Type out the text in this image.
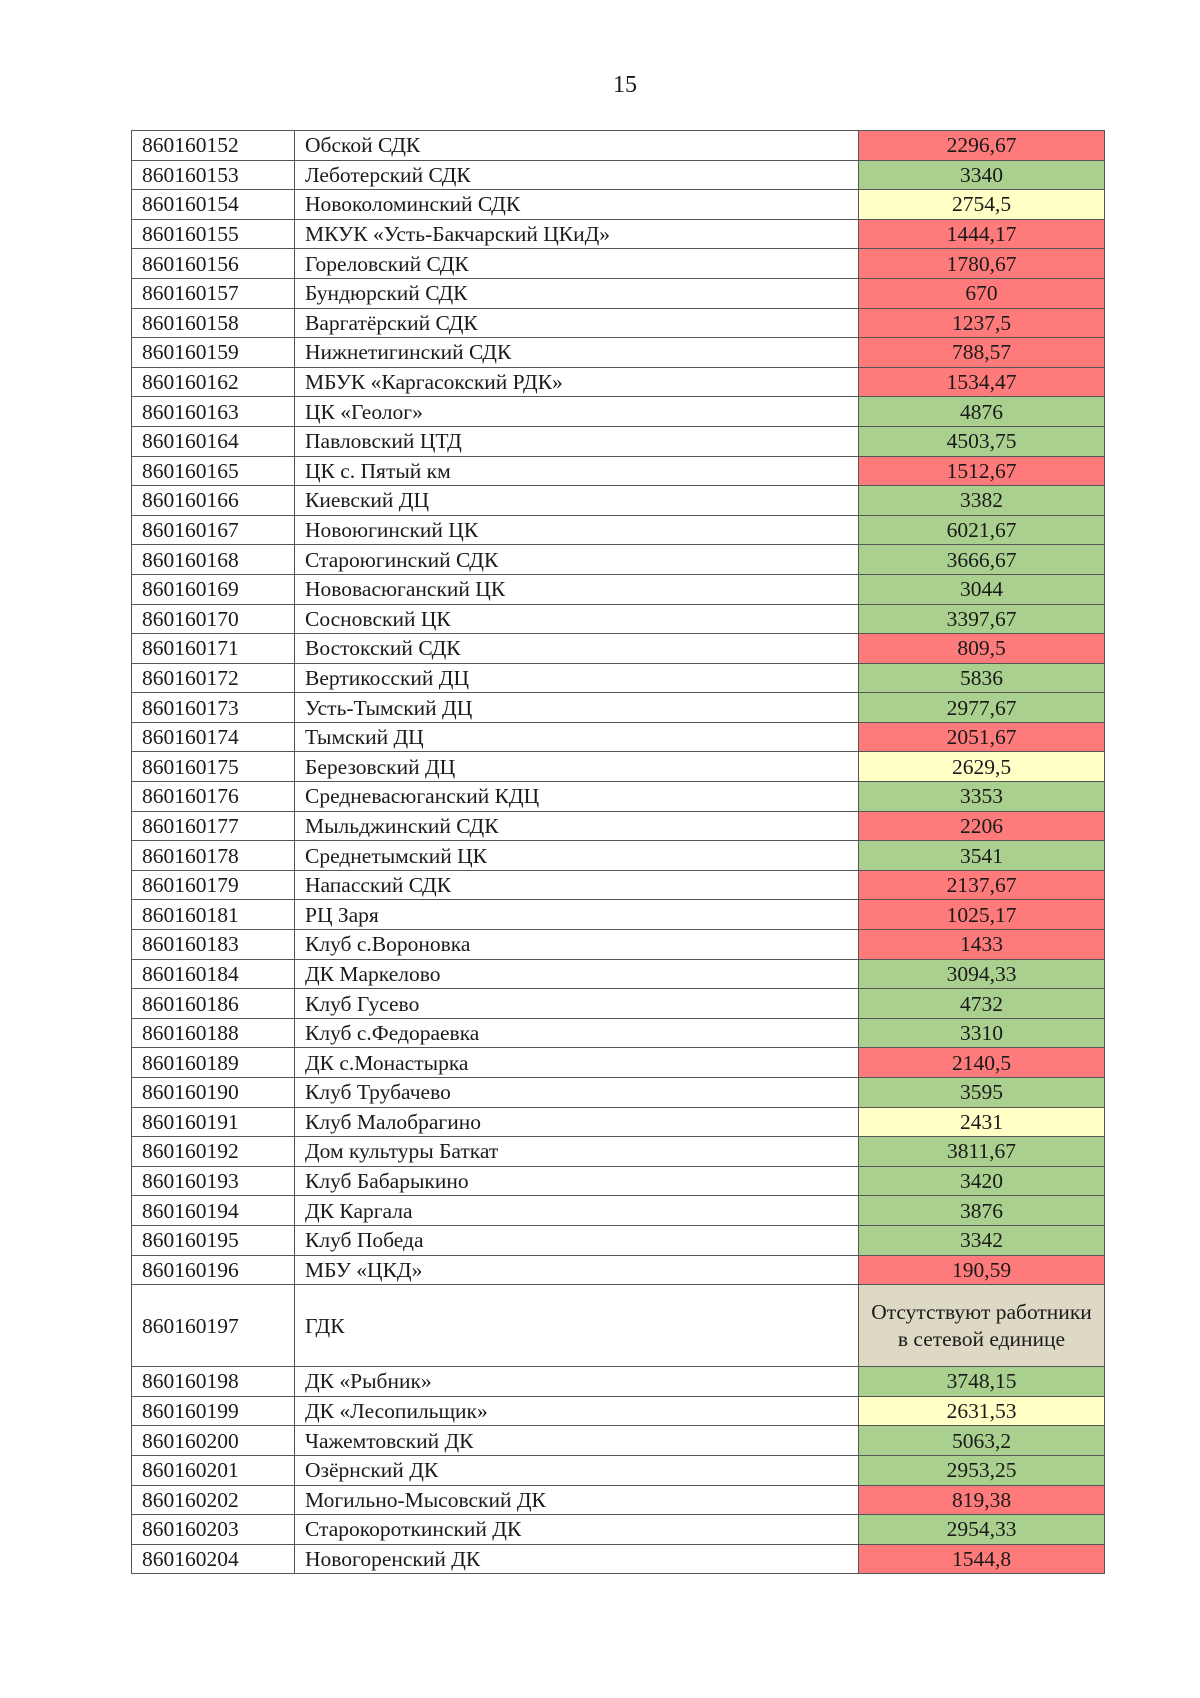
15
860160152	Обской СДК	2296,67
860160153	Леботерский СДК	3340
860160154	Новоколоминский СДК	2754,5
860160155	МКУК «Усть-Бакчарский ЦКиД»	1444,17
860160156	Гореловский СДК	1780,67
860160157	Бундюрский СДК	670
860160158	Варгатёрский СДК	1237,5
860160159	Нижнетигинский СДК	788,57
860160162	МБУК «Каргасокский РДК»	1534,47
860160163	ЦК «Геолог»	4876
860160164	Павловский ЦТД	4503,75
860160165	ЦК с. Пятый км	1512,67
860160166	Киевский ДЦ	3382
860160167	Новоюгинский ЦК	6021,67
860160168	Староюгинский СДК	3666,67
860160169	Нововасюганский ЦК	3044
860160170	Сосновский ЦК	3397,67
860160171	Востокский СДК	809,5
860160172	Вертикосский ДЦ	5836
860160173	Усть-Тымский ДЦ	2977,67
860160174	Тымский ДЦ	2051,67
860160175	Березовский ДЦ	2629,5
860160176	Средневасюганский КДЦ	3353
860160177	Мыльджинский СДК	2206
860160178	Среднетымский ЦК	3541
860160179	Напасский СДК	2137,67
860160181	РЦ Заря	1025,17
860160183	Клуб с.Вороновка	1433
860160184	ДК Маркелово	3094,33
860160186	Клуб Гусево	4732
860160188	Клуб с.Федораевка	3310
860160189	ДК с.Монастырка	2140,5
860160190	Клуб Трубачево	3595
860160191	Клуб Малобрагино	2431
860160192	Дом культуры Баткат	3811,67
860160193	Клуб Бабарыкино	3420
860160194	ДК Каргала	3876
860160195	Клуб Победа	3342
860160196	МБУ «ЦКД»	190,59
860160197	ГДК	Отсутствуют работники в сетевой единице
860160198	ДК «Рыбник»	3748,15
860160199	ДК «Лесопильщик»	2631,53
860160200	Чажемтовский ДК	5063,2
860160201	Озёрнский ДК	2953,25
860160202	Могильно-Мысовский ДК	819,38
860160203	Старокороткинский ДК	2954,33
860160204	Новогоренский ДК	1544,8
